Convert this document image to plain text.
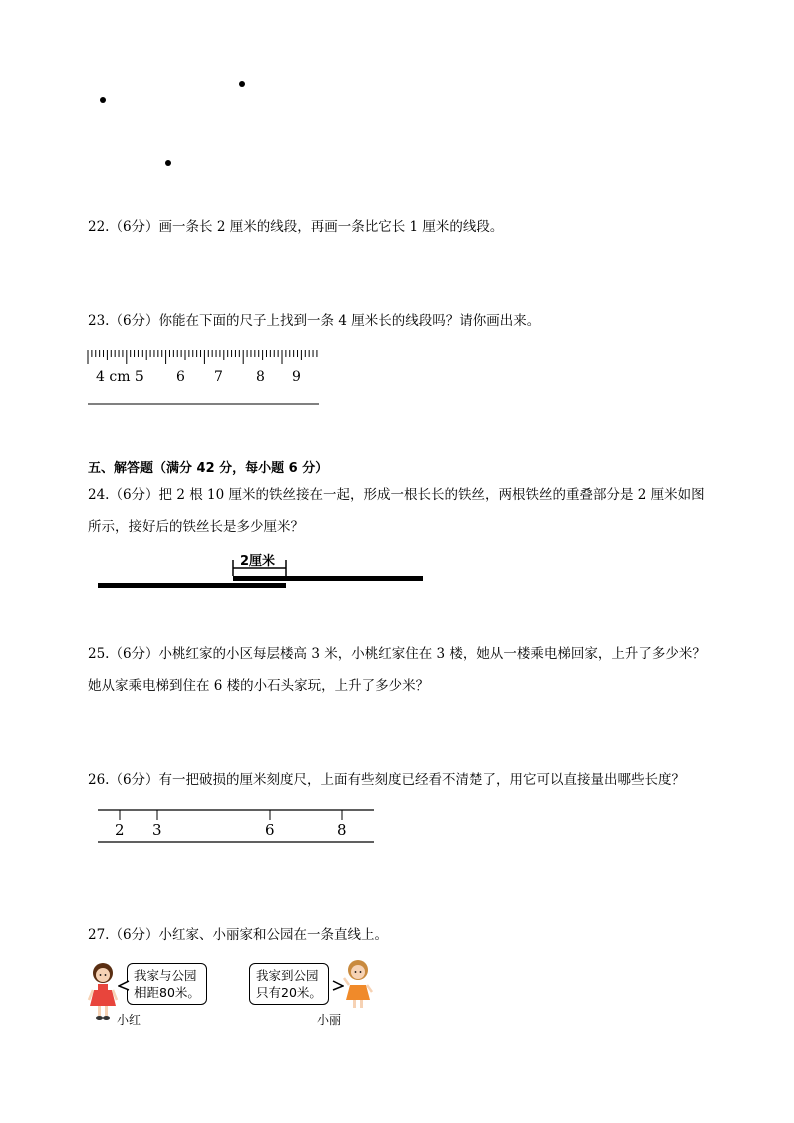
22.（6分）画一条长 2 厘米的线段，再画一条比它长 1 厘米的线段。
23.（6分）你能在下面的尺子上找到一条 4 厘米长的线段吗？请你画出来。
4 cm 5 6 7 8 9
五、解答题（满分 42 分，每小题 6 分）
24.（6分）把 2 根 10 厘米的铁丝接在一起，形成一根长长的铁丝，两根铁丝的重叠部分是 2 厘米如图
所示，接好后的铁丝长是多少厘米？
2厘米
25.（6分）小桃红家的小区每层楼高 3 米，小桃红家住在 3 楼，她从一楼乘电梯回家，上升了多少米？
她从家乘电梯到住在 6 楼的小石头家玩，上升了多少米？
26.（6分）有一把破损的厘米刻度尺，上面有些刻度已经看不清楚了，用它可以直接量出哪些长度？
2 3	6	8
27.（6分）小红家、小丽家和公园在一条直线上。
我家与公园
相距80米。
小红
我家到公园
只有20米。
小丽
